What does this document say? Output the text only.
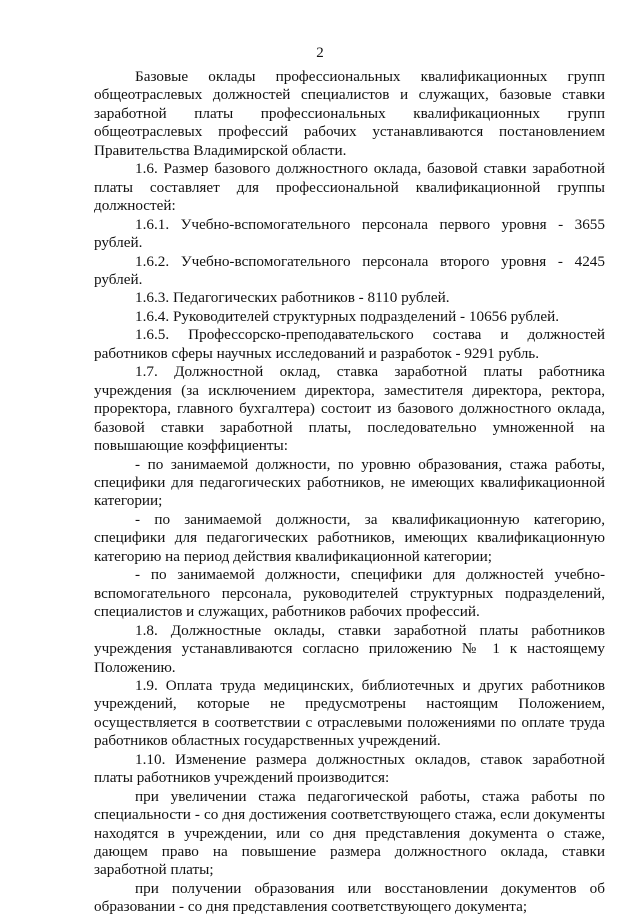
2

Базовые оклады профессиональных квалификационных групп общеотраслевых должностей специалистов и служащих, базовые ставки заработной платы профессиональных квалификационных групп общеотраслевых профессий рабочих устанавливаются постановлением Правительства Владимирской области.

1.6. Размер базового должностного оклада, базовой ставки заработной платы составляет для профессиональной квалификационной группы должностей:

1.6.1. Учебно-вспомогательного персонала первого уровня - 3655 рублей.

1.6.2. Учебно-вспомогательного персонала второго уровня - 4245 рублей.

1.6.3. Педагогических работников - 8110 рублей.

1.6.4. Руководителей структурных подразделений - 10656 рублей.

1.6.5. Профессорско-преподавательского состава и должностей работников сферы научных исследований и разработок - 9291 рубль.

1.7. Должностной оклад, ставка заработной платы работника учреждения (за исключением директора, заместителя директора, ректора, проректора, главного бухгалтера) состоит из базового должностного оклада, базовой ставки заработной платы, последовательно умноженной на повышающие коэффициенты:

- по занимаемой должности, по уровню образования, стажа работы, специфики для педагогических работников, не имеющих квалификационной категории;

- по занимаемой должности, за квалификационную категорию, специфики для педагогических работников, имеющих квалификационную категорию на период действия квалификационной категории;

- по занимаемой должности, специфики для должностей учебно-вспомогательного персонала, руководителей структурных подразделений, специалистов и служащих, работников рабочих профессий.

1.8. Должностные оклады, ставки заработной платы работников учреждения устанавливаются согласно приложению № 1 к настоящему Положению.

1.9. Оплата труда медицинских, библиотечных и других работников учреждений, которые не предусмотрены настоящим Положением, осуществляется в соответствии с отраслевыми положениями по оплате труда работников областных государственных учреждений.

1.10. Изменение размера должностных окладов, ставок заработной платы работников учреждений производится:

при увеличении стажа педагогической работы, стажа работы по специальности - со дня достижения соответствующего стажа, если документы находятся в учреждении, или со дня представления документа о стаже, дающем право на повышение размера должностного оклада, ставки заработной платы;

при получении образования или восстановлении документов об образовании - со дня представления соответствующего документа;
